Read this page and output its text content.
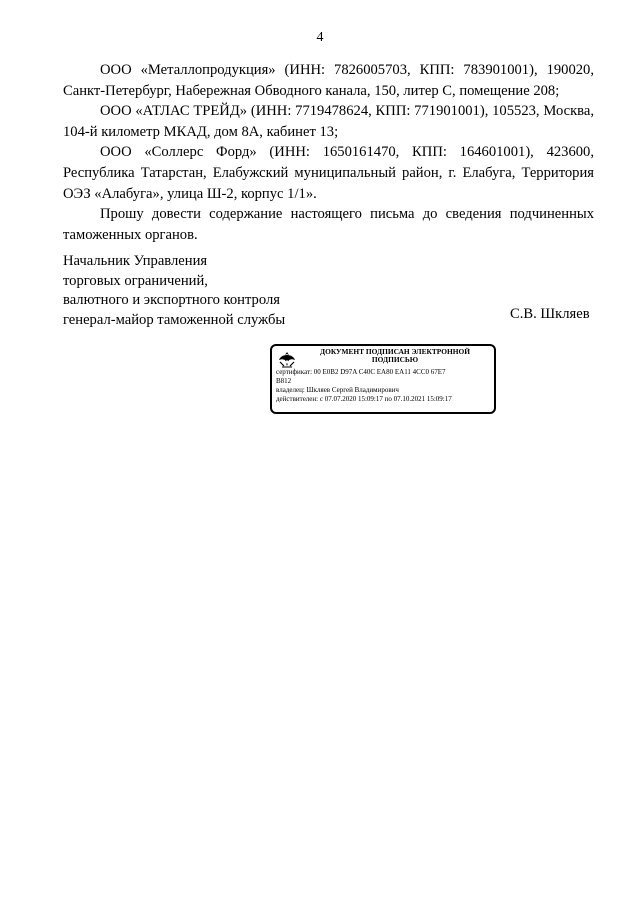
4

ООО «Металлопродукция» (ИНН: 7826005703, КПП: 783901001), 190020, Санкт-Петербург, Набережная Обводного канала, 150, литер С, помещение 208;

ООО «АТЛАС ТРЕЙД» (ИНН: 7719478624, КПП: 771901001), 105523, Москва, 104-й километр МКАД, дом 8А, кабинет 13;

ООО «Соллерс Форд» (ИНН: 1650161470, КПП: 164601001), 423600, Республика Татарстан, Елабужский муниципальный район, г. Елабуга, Территория ОЭЗ «Алабуга», улица Ш-2, корпус 1/1».

Прошу довести содержание настоящего письма до сведения подчиненных таможенных органов.

Начальник Управления
торговых ограничений,
валютного и экспортного контроля
генерал-майор таможенной службы	С.В. Шкляев
ДОКУМЕНТ ПОДПИСАН ЭЛЕКТРОННОЙ ПОДПИСЬЮ
сертификат: 00 E0B2 D97A C40C EA80 EA11 4CC0 67E7
B812
владелец: Шкляев Сергей Владимирович
действителен: с 07.07.2020 15:09:17 по 07.10.2021 15:09:17
